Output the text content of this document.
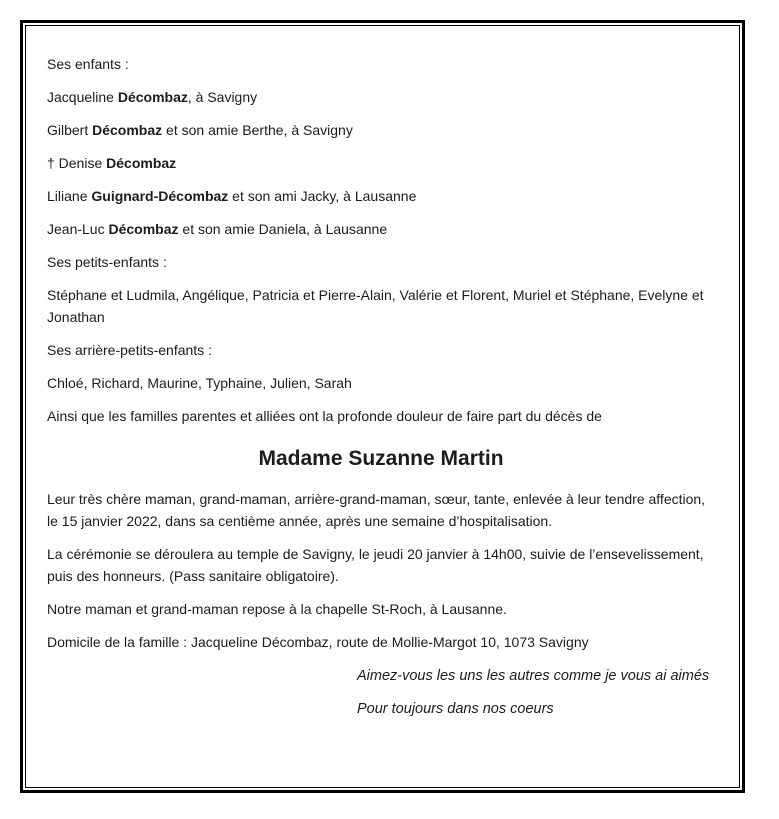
Ses enfants :

Jacqueline Décombaz, à Savigny

Gilbert Décombaz et son amie Berthe, à Savigny

† Denise Décombaz

Liliane Guignard-Décombaz et son ami Jacky, à Lausanne

Jean-Luc Décombaz et son amie Daniela, à Lausanne

Ses petits-enfants :

Stéphane et Ludmila, Angélique, Patricia et Pierre-Alain, Valérie et Florent, Muriel et Stéphane, Evelyne et Jonathan

Ses arrière-petits-enfants :

Chloé, Richard, Maurine, Typhaine, Julien, Sarah

Ainsi que les familles parentes et alliées ont la profonde douleur de faire part du décès de

Madame Suzanne Martin

Leur très chère maman, grand-maman, arrière-grand-maman, sœur, tante, enlevée à leur tendre affection, le 15 janvier 2022, dans sa centième année, après une semaine d’hospitalisation.

La cérémonie se déroulera au temple de Savigny, le jeudi 20 janvier à 14h00, suivie de l’ensevelissement, puis des honneurs. (Pass sanitaire obligatoire).

Notre maman et grand-maman repose à la chapelle St-Roch, à Lausanne.

Domicile de la famille : Jacqueline Décombaz, route de Mollie-Margot 10, 1073 Savigny

Aimez-vous les uns les autres comme je vous ai aimés

Pour toujours dans nos coeurs
